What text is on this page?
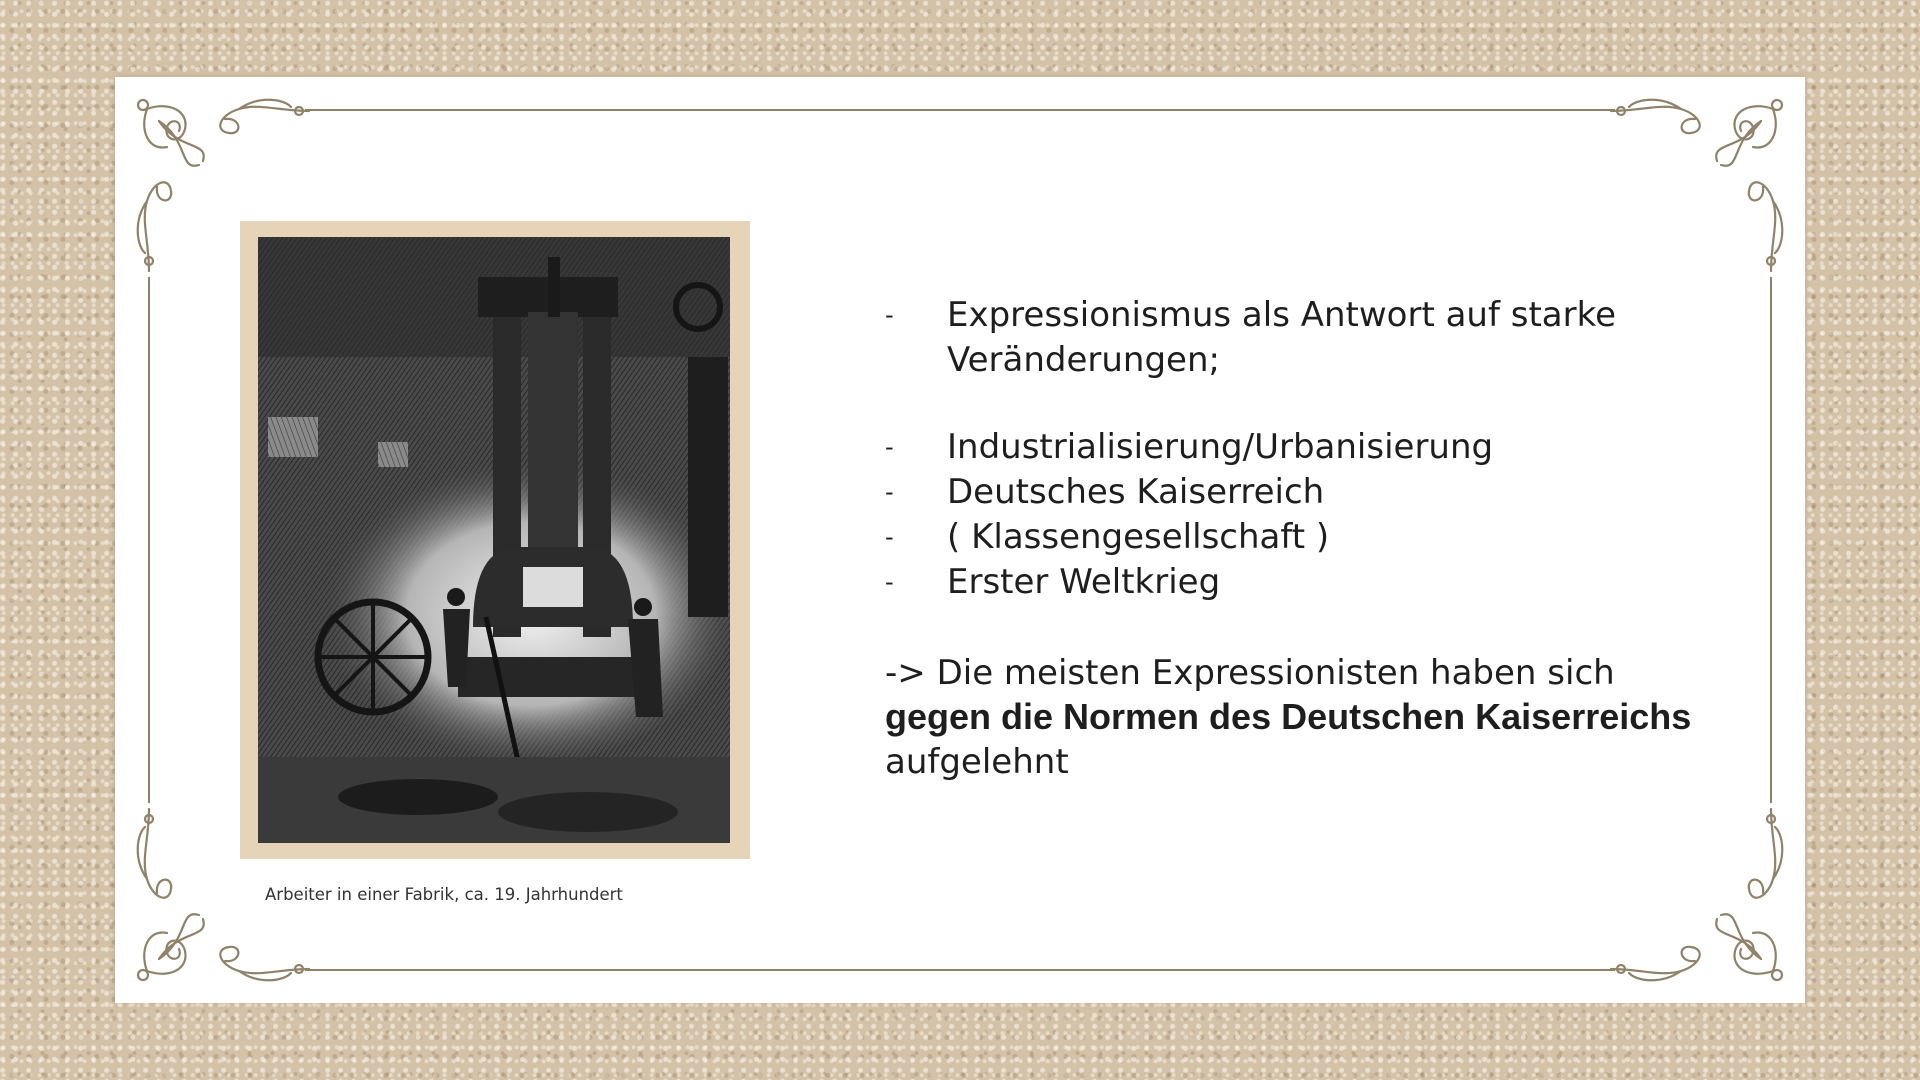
Arbeiter in einer Fabrik, ca. 19. Jahrhundert
-	Expressionismus als Antwort auf starke Veränderungen;
-	Industrialisierung/Urbanisierung
-	Deutsches Kaiserreich
-	( Klassengesellschaft )
-	Erster Weltkrieg
-> Die meisten Expressionisten haben sich gegen die Normen des Deutschen Kaiserreichs aufgelehnt
